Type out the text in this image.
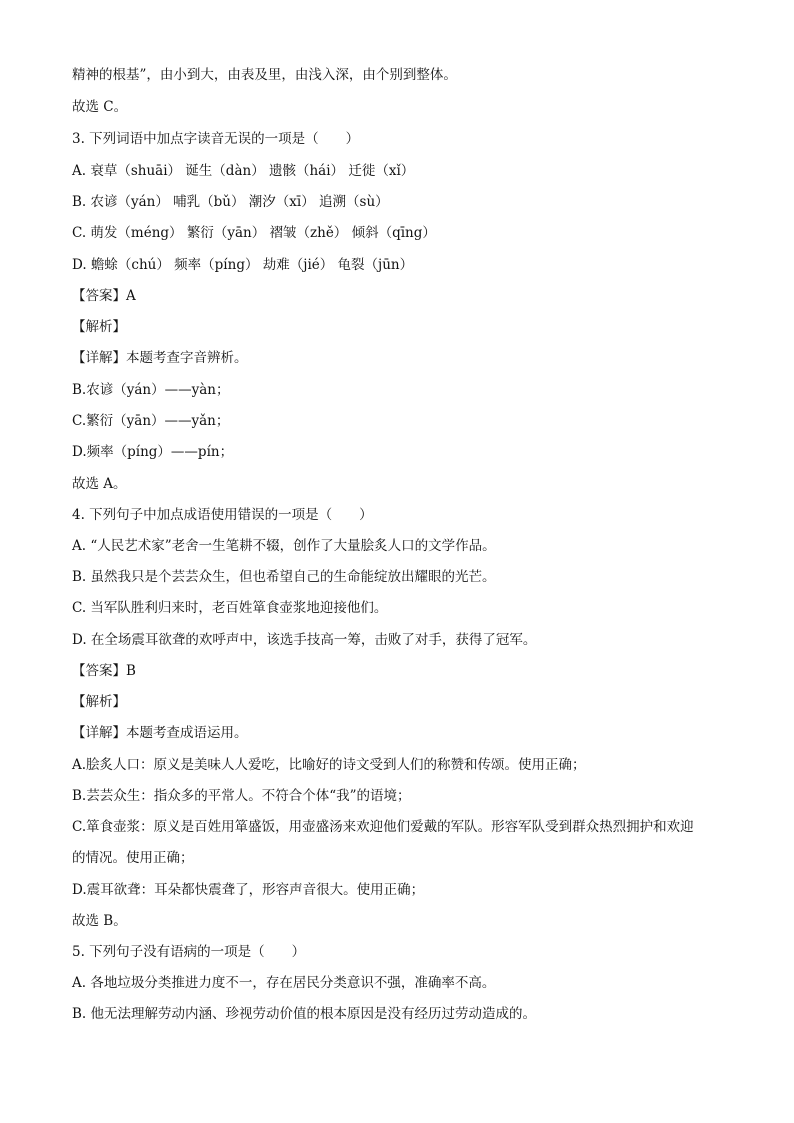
精神的根基”，由小到大，由表及里，由浅入深，由个别到整体。
故选 C。
3. 下列词语中加点字读音无误的一项是（　　）
A. 衰草（shuāi） 诞生（dàn） 遗骸（hái） 迁徙（xǐ）
B. 农谚（yán） 哺乳（bǔ） 潮汐（xī） 追溯（sù）
C. 萌发（méng） 繁衍（yān） 褶皱（zhě） 倾斜（qīng）
D. 蟾蜍（chú） 频率（píng） 劫难（jié） 龟裂（jūn）
【答案】A
【解析】
【详解】本题考查字音辨析。
B.农谚（yán）——yàn；
C.繁衍（yān）——yǎn；
D.频率（píng）——pín；
故选 A。
4. 下列句子中加点成语使用错误的一项是（　　）
A. “人民艺术家”老舍一生笔耕不辍，创作了大量脍炙人口的文学作品。
B. 虽然我只是个芸芸众生，但也希望自己的生命能绽放出耀眼的光芒。
C. 当军队胜利归来时，老百姓箪食壶浆地迎接他们。
D. 在全场震耳欲聋的欢呼声中，该选手技高一筹，击败了对手，获得了冠军。
【答案】B
【解析】
【详解】本题考查成语运用。
A.脍炙人口：原义是美味人人爱吃，比喻好的诗文受到人们的称赞和传颂。使用正确；
B.芸芸众生：指众多的平常人。不符合个体“我”的语境；
C.箪食壶浆：原义是百姓用箪盛饭，用壶盛汤来欢迎他们爱戴的军队。形容军队受到群众热烈拥护和欢迎
的情况。使用正确；
D.震耳欲聋：耳朵都快震聋了，形容声音很大。使用正确；
故选 B。
5. 下列句子没有语病的一项是（　　）
A. 各地垃圾分类推进力度不一，存在居民分类意识不强，准确率不高。
B. 他无法理解劳动内涵、珍视劳动价值的根本原因是没有经历过劳动造成的。
